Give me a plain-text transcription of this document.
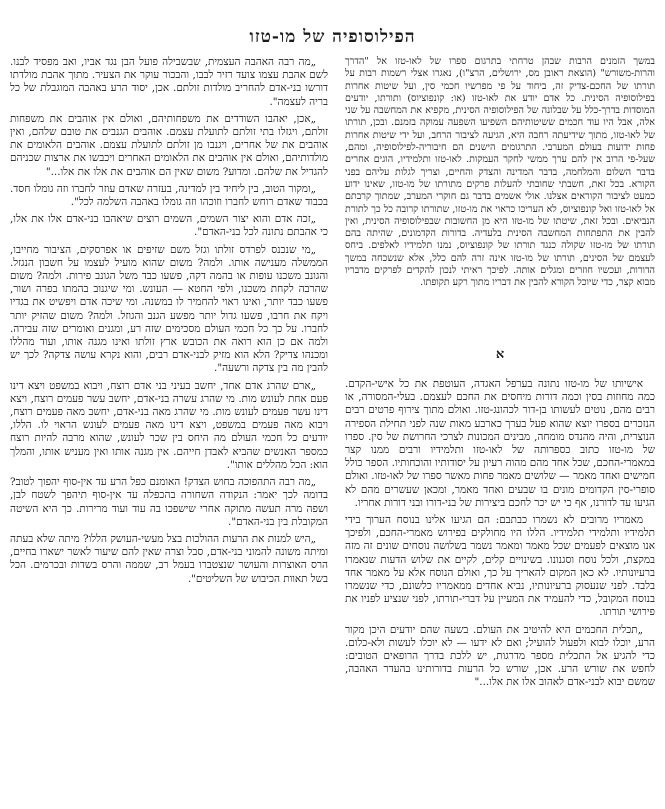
הפילוסופיה של מו-טזו

במשך הזמנים הרבות שבהן טרחתי בתרגום ספרו של לאו-טזו אל "הדרך והרות-משורש" (הוצאת ראובן מס, ירושלים, הרצ"ו), נאגרו אצלי רשמות רבות על תורתו של החכם-צדיק זה, ביחוד על פי מפרשיו חכמי סין, ועל שיטות אחרות בפילוסופיה הסינית. כל אדם יודע את לאו-טזו (או: קונפוציוס) ותורתו, יודעים המוסדות בדרך-כלל על שבלונה של הפילוסופיה הסינית, מקפיא את המחשבה על שני אלה, אבל היו עוד חכמים ששיטותיהם השפיעו השפעה עמוקה בזמנם. ובכן, תורתו של לאו-טזו, מתוך שידיעתה רחבה היא, הגיעה לציבור הרחב, ועל ידי שיטות אחרות פחות ידועות בעולם המערבי. התרגומים הישנים הם חיבוריה-לפילוסופיה, ומהם, שעל-פי הרוב אין להם ערך ממשי לחקר העמקות. לאו-טזו ותלמידיו, הוגים אחרים בדבר השלום והמלחמה, בדבר המדינה והצדק והחיים, וצריך לגלות עליהם בפני הקורא. בכל זאת, חשבתי שחובתי להעלות פרקים מתורתו של מו-טזו, שאינו ידוע כמעט לציבור הקוראים אצלנו. אולי אשמים בדבר גם חוקרי המערב, שמתוך קרבתם אל לאו-טזו ואל קונפוציוס, לא העריכו כראוי את מו-טזו, שתורתו קרובה כל כך לתורת הנביאים. ובכל זאת, שיטתו של מו-טזו היא מן החשובות שבפילוסופיה הסינית, ואין להבין את התפתחות המחשבה הסינית בלעדיה. בדורות הקדמונים, שהיתה בהם תורתו של מו-טזו שקולה כנגד תורתו של קונפוציוס, נמנו תלמידיו לאלפים. ביחס לעצמם של הסינים, תורתו של מו-טזו אינה זרה להם כלל, אלא שנשכחה במשך הדורות, ועכשיו חוזרים ומגלים אותה. לפיכך ראיתי לנכון להקדים לפרקים מדבריו מבוא קצר, כדי שיוכל הקורא להבין את דבריו מתוך רקע תקופתו.

א

אישיותו של מו-טזו נתונה בערפל האגדה, העוטפת את כל אישי-הקדם. כמה מחוזות בסין וכמה דורות מיחסים את החכם לעצמם. בעלי-המסורה, או רבים מהם, נוטים לעשותו בן-דור לכהונג-טזו. ואולם מתוך צירוף פרטים רבים הנזכרים בספרו יוצא שהוא פעל בערך כארבע מאות שנה לפני תחילת הספירה הנוצרית, והיה מהנדס מומחה, מבינים המכונות לצרכי החרושת של סין. ספרו של מו-טזו כתוב כספרותה של לאו-טזו ותלמידיו ורבים ממנו קצר במאמרי-החכם, שכל אחד מהם מהוה רעיון על יסודותיו והוכחותיו. הספר כולל חמישים ואחד מאמר — שלושים מאמר פחות מאשר ספרו של לאו-טזו. ואולם סופרי-סין הקדומים מונים בו שבעים ואחד מאמר, ומכאן שעשרים מהם לא הגיעו עד לדורנו, אף כי יש יכר לחכם ביצירות של בני-דורו ובני דורות אחריו.

מאמריו מרובים לא נשמרו כבתבם: הם הגיעו אלינו בנוסח הערוך בידי תלמידיו ותלמידי תלמידיו. הללו היו מחולקים בפירוש מאמרי-החכם, ולפיכך אנו מוצאים לפעמים שכל מאמר ומאמר נשמר בשלושה נוסחים שונים זה מזה במקצת, ולכל נוסח וסגנונו. בשינויים קלים, לקיים את שלוש הדעות שנאמרו ברעיונותיו. לא כאן המקום להאריך על כך, ואולם הנוסח אלא על מאמר אחד בלבד. לפני שנעסוק ברעיונותיו, נביא אחדים ממאמריו כלשונם, כדי שנשמרו בנוסח המקובל, כדי להעמיד את המעיין על דברי-תורתו, לפני שנציע לפניו את פירושי תורתו.

„תכלית החכמים היא להיטיב את העולם. בשעה שהם יודעים היכן מקור הרע, יוכלו לבוא ולפעול להועיל; ואם לא ידעו — לא יוכלו לעשות ולא-כלום. כדי להגיע אל התכלית מספר מדרגות, יש ללכת בדרך הרופאים הטובים: לחפש את שורש הרע. אכן, שורש כל הרעות בדורותינו בהעדר האהבה, שמשם יבוא לבני-אדם לאהוב אלו את אלו..."

„מה רבה האהבה העצמית, שבשבילה פועל הבן נגד אביו, ואב מפסיד לבנו. לשם אהבת עצמו צועד רזיר לבבו, והבכור עוקר את הצעיר. מתוך אהבת מולדתו דורשו בני-אדם להחריב מולדות זולתם. אכן, יסוד הרע באהבה המוגבלת של כל בריה לעצמה".

„אכן, יאהבו השודדים את משפחותיהם, ואולם אין אוהבים את משפחות זולתם, ויגזלו בתי זולתם לתועלת עצמם. אוהבים הגנבים את טובם שלהם, ואין אוהבים את של אחרים, ויגנבו מן זולתם לתועלת עצמם. אוהבים הלאומים את מולדותיהם, ואולם אין אוהבים את הלאומים האחרים ויכבשו את ארצות שכניהם להגדיל את שלהם. ומדוע? משום שאין הם אוהבים את אלו את אלו..."

„ומקור הטוב, בין ליחיד בין למדינה, בעזרה שאדם עוזר לחברו וזה גומלו חסד. בכבוד שאדם רוחש לחברו וזוכהו וזה גומלו באהבה השלמה לכל".

„זכה אדם והוא יצור השמים, השמים רוצים שיאהבו בני-אדם אלו את אלו, כי אהבתם נתונה לכל בני-האדם".

„מי שנכנס לפרדס זולתו וגזל משם שזיפים או אפרסקים, הציבור מחייבו, הממשלה מענישה אותו. ולמה? משום שהוא מועיל לעצמו על חשבון הנגזל. והגונב משכנו עופות או בהמה דקה, פשעו כבד משל הגונב פירות. ולמה? משום שהרבה לקחת משכנו, ולפי החטא — העונש. ומי שיגנוב בהמתו בפרה ושור, פשעו כבד יותר, ואינו ראוי להחמיר לו במשנה. ומי שיכה אדם ויפשיט את בגדיו ויקח את חרבו, פשעו גדול יותר מפשע הגנב והגוזל. ולמה? משום שהזיק יותר לחברו. על כך כל חכמי העולם מסכימים שזה רע, ומגנים ואומרים שזה עבירה. ולמה אם כן הוא רואה את הכובש ארץ זולתו ואינו מגנה אותו, ועוד מהללו ומכנהו צדיק? הלא הוא מזיק לבני-אדם רבים, והוא נקרא עושה צדקה? לכך יש להבין מה בין צדקה ורשעה".

„ארם שהרג אדם אחד, יחשב בעיני בני אדם רוצח, ויבוא במשפט ויצא דינו פעם אחת לעונש מות. מי שהרג עשרה בני-אדם, יחשב עשר פעמים רוצח, ויצא דינו עשר פעמים לעונש מות. מי שהרג מאה בני-אדם, יחשב מאה פעמים רוצח, ויבוא מאה פעמים במשפט, ויצא דינו מאה פעמים לעונש הראוי לו. הללו, יודעים כל חכמי העולם מה היחס בין שכר לעונש, שהוא מרבה להיות רוצח כמספר האנשים שהביא לאבדן חייהם. אין מגנה אותו ואין מעניש אותו, והמלך הוא: הכל מהללים אותו".

„מה רבה התהפוכה בחוש הצדק! האומנם כפל הרע עד אין-סוף יהפוך לטוב? בדומה לכך יאמר: הנקודה השחורה בהכפלה עד אין-סוף תיהפך לשטח לבן, ושפה מרה תעשה מתוקה אחרי שישפכו בה עוד ועוד מרירות. כך היא השיטה המקובלת בין בני-האדם".

„היש למנות את הרעות ההולכות בצל מעשי-העושק הללו? מיתה שלא בעתה ומיתה משונה להמוני בני-אדם, סבל וצרה שאין להם שיעור לאשר ישארו בחיים, הרס האוצרות והעושר שנצטברו בעמל רב, שממה והרס בשדות ובכרמים. הכל בשל תאוות הכיבוש של השליטים".
